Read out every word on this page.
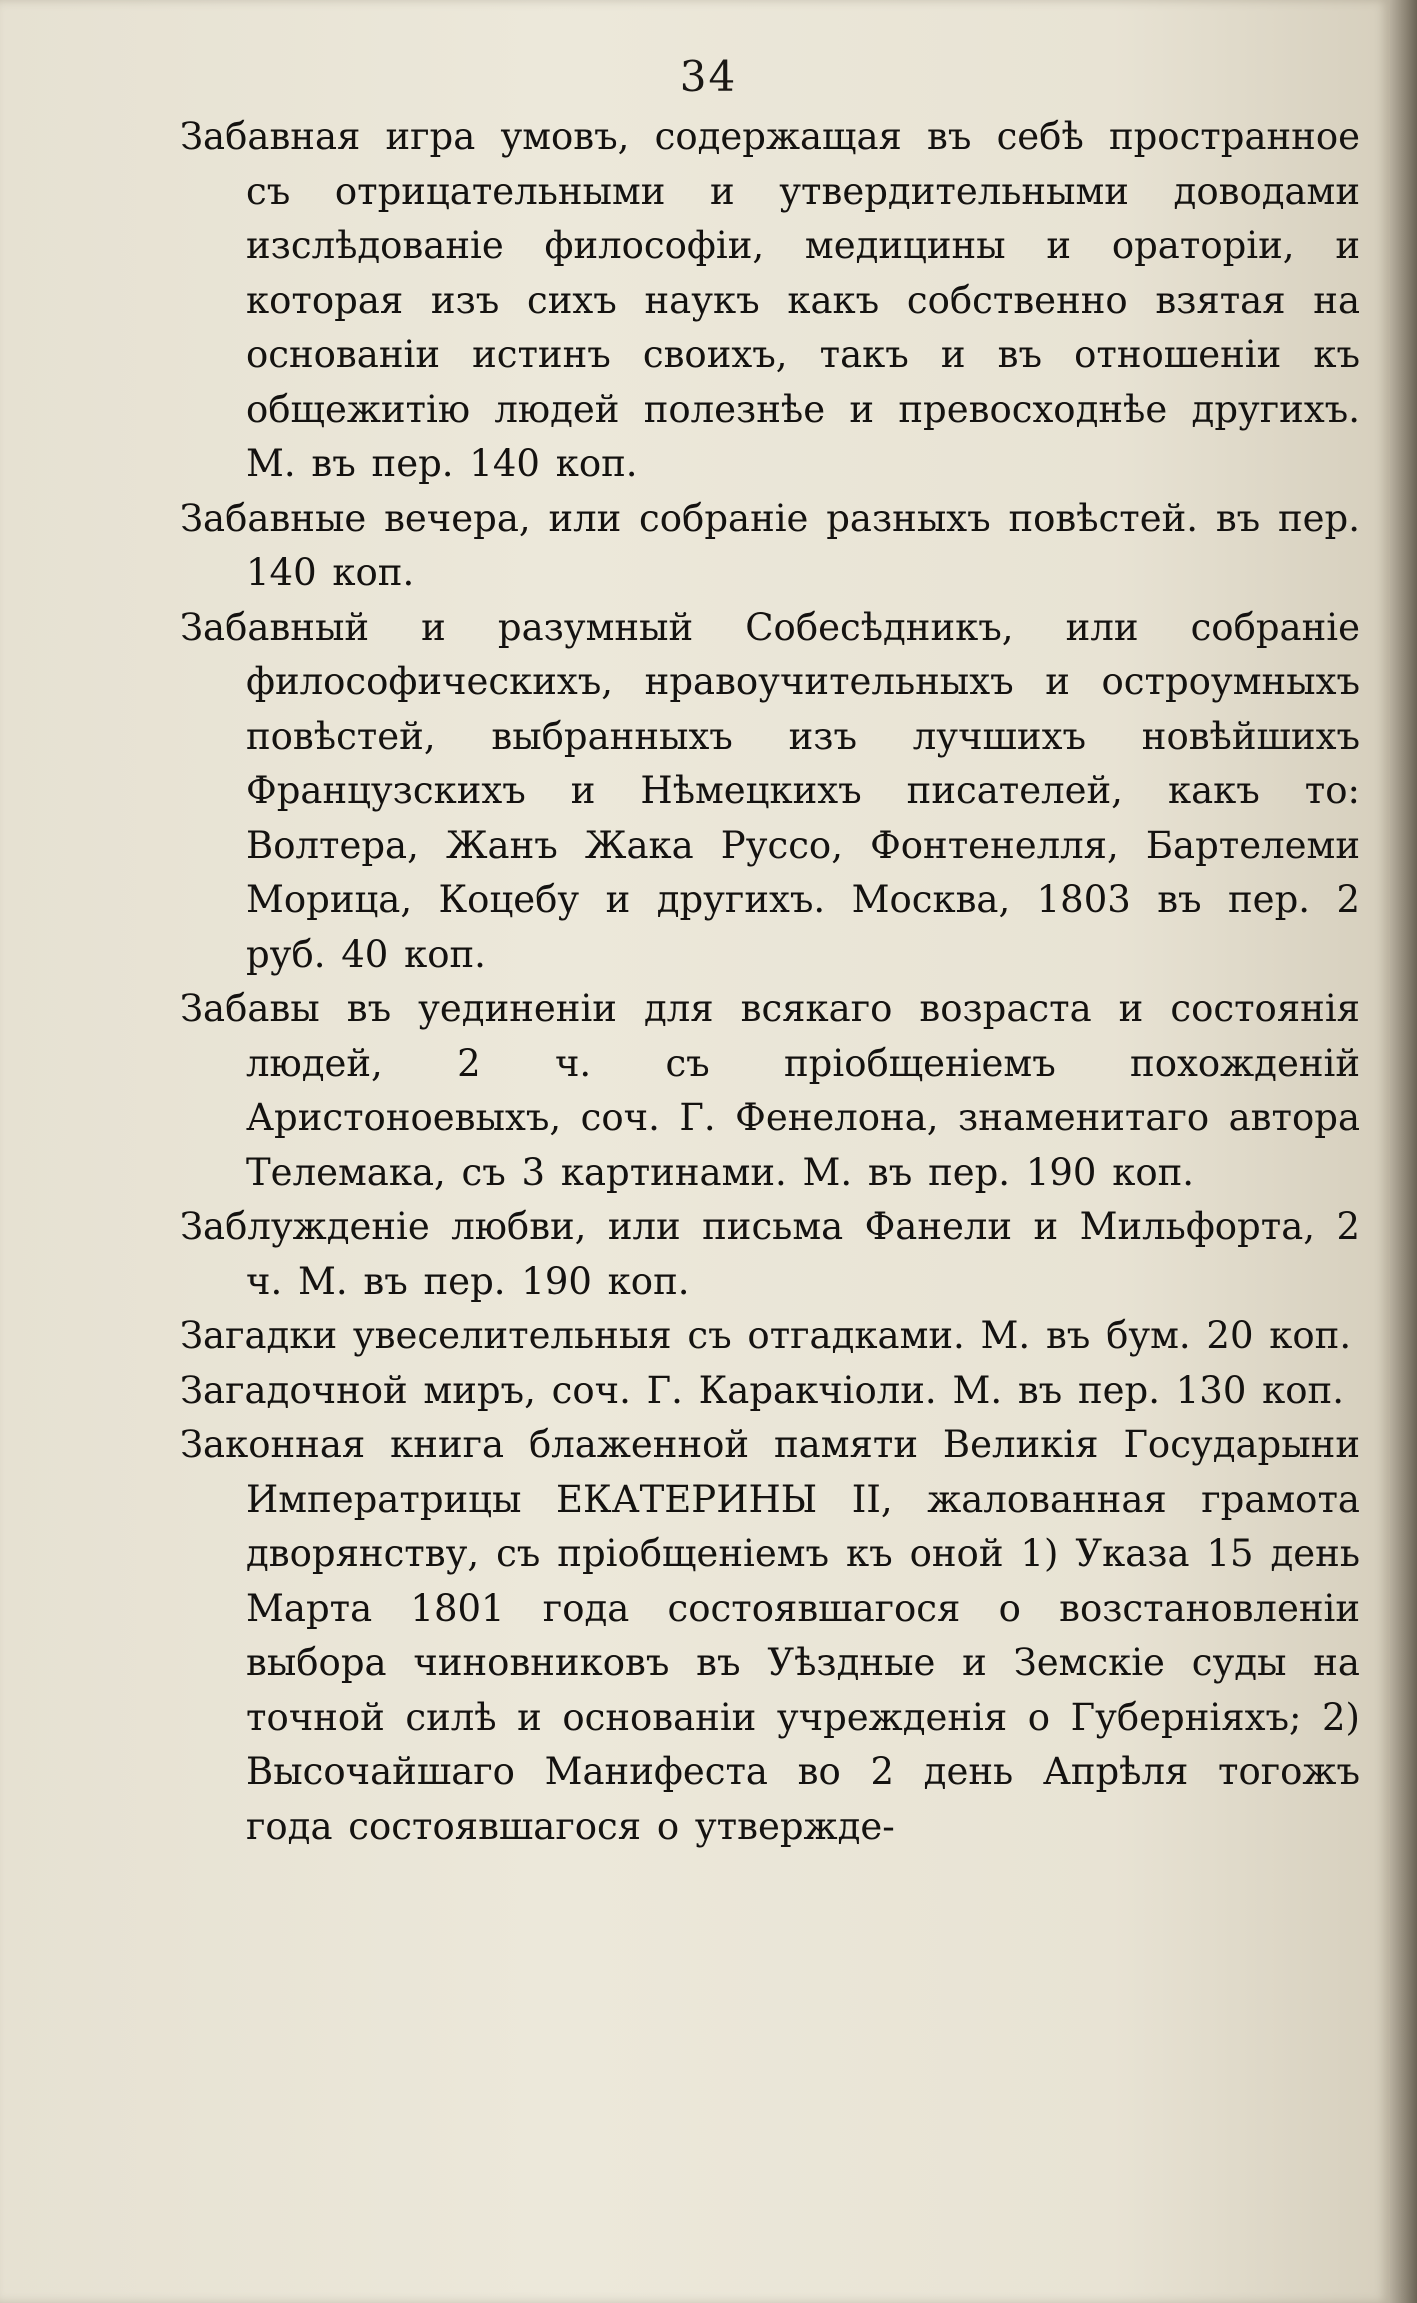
34

Забавная игра умовъ, содержащая въ себѣ пространное съ отрицательными и утвердительными доводами изслѣдованіе философіи, медицины и ораторіи, и которая изъ сихъ наукъ какъ собственно взятая на основаніи истинъ своихъ, такъ и въ отношеніи къ общежитію людей полезнѣе и превосходнѣе другихъ. М. въ пер. 140 коп.

Забавные вечера, или собраніе разныхъ повѣстей. въ пер. 140 коп.

Забавный и разумный Собесѣдникъ, или собраніе философическихъ, нравоучительныхъ и остроумныхъ повѣстей, выбранныхъ изъ лучшихъ новѣйшихъ Французскихъ и Нѣмецкихъ писателей, какъ то: Волтера, Жанъ Жака Руссо, Фонтенелля, Бартелеми Морица, Коцебу и другихъ. Москва, 1803 въ пер. 2 руб. 40 коп.

Забавы въ уединеніи для всякаго возраста и состоянія людей, 2 ч. съ пріобщеніемъ похожденій Аристоноевыхъ, соч. Г. Фенелона, знаменитаго автора Телемака, съ 3 картинами. М. въ пер. 190 коп.

Заблужденіе любви, или письма Фанели и Мильфорта, 2 ч. М. въ пер. 190 коп.

Загадки увеселительныя съ отгадками. М. въ бум. 20 коп.

Загадочной миръ, соч. Г. Каракчіоли. М. въ пер. 130 коп.

Законная книга блаженной памяти Великія Государыни Императрицы ЕКАТЕРИНЫ II, жалованная грамота дворянству, съ пріобщеніемъ къ оной 1) Указа 15 день Марта 1801 года состоявшагося о возстановленіи выбора чиновниковъ въ Уѣздные и Земскіе суды на точной силѣ и основаніи учрежденія о Губерніяхъ; 2) Высочайшаго Манифеста во 2 день Апрѣля тогожъ года состоявшагося о утвержде-
